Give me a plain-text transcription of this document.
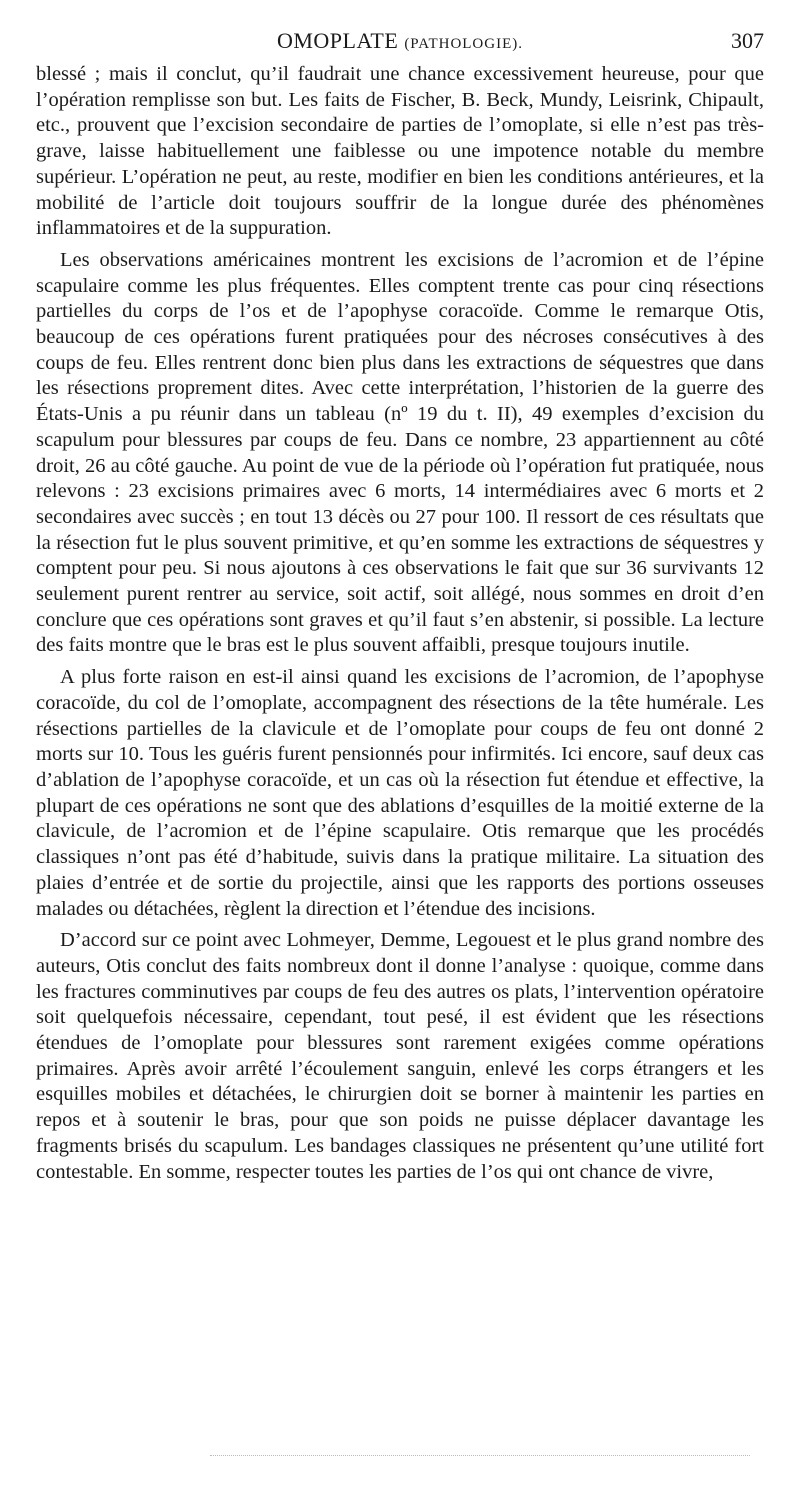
OMOPLATE (PATHOLOGIE).	307

blessé ; mais il conclut, qu’il faudrait une chance excessivement heureuse, pour que l’opération remplisse son but. Les faits de Fischer, B. Beck, Mundy, Leisrink, Chipault, etc., prouvent que l’excision secondaire de parties de l’omoplate, si elle n’est pas très-grave, laisse habituellement une faiblesse ou une impotence notable du membre supérieur. L’opération ne peut, au reste, modifier en bien les conditions antérieures, et la mobilité de l’article doit toujours souffrir de la longue durée des phénomènes inflammatoires et de la suppuration.

Les observations américaines montrent les excisions de l’acromion et de l’épine scapulaire comme les plus fréquentes. Elles comptent trente cas pour cinq résections partielles du corps de l’os et de l’apophyse coracoïde. Comme le remarque Otis, beaucoup de ces opérations furent pratiquées pour des nécroses consécutives à des coups de feu. Elles rentrent donc bien plus dans les extractions de séquestres que dans les résections proprement dites. Avec cette interprétation, l’historien de la guerre des États-Unis a pu réunir dans un tableau (nº 19 du t. II), 49 exemples d’excision du scapulum pour blessures par coups de feu. Dans ce nombre, 23 appartiennent au côté droit, 26 au côté gauche. Au point de vue de la période où l’opération fut pratiquée, nous relevons : 23 excisions primaires avec 6 morts, 14 intermédiaires avec 6 morts et 2 secondaires avec succès ; en tout 13 décès ou 27 pour 100. Il ressort de ces résultats que la résection fut le plus souvent primitive, et qu’en somme les extractions de séquestres y comptent pour peu. Si nous ajoutons à ces observations le fait que sur 36 survivants 12 seulement purent rentrer au service, soit actif, soit allégé, nous sommes en droit d’en conclure que ces opérations sont graves et qu’il faut s’en abstenir, si possible. La lecture des faits montre que le bras est le plus souvent affaibli, presque toujours inutile.

A plus forte raison en est-il ainsi quand les excisions de l’acromion, de l’apophyse coracoïde, du col de l’omoplate, accompagnent des résections de la tête humérale. Les résections partielles de la clavicule et de l’omoplate pour coups de feu ont donné 2 morts sur 10. Tous les guéris furent pensionnés pour infirmités. Ici encore, sauf deux cas d’ablation de l’apophyse coracoïde, et un cas où la résection fut étendue et effective, la plupart de ces opérations ne sont que des ablations d’esquilles de la moitié externe de la clavicule, de l’acromion et de l’épine scapulaire. Otis remarque que les procédés classiques n’ont pas été d’habitude, suivis dans la pratique militaire. La situation des plaies d’entrée et de sortie du projectile, ainsi que les rapports des portions osseuses malades ou détachées, règlent la direction et l’étendue des incisions.

D’accord sur ce point avec Lohmeyer, Demme, Legouest et le plus grand nombre des auteurs, Otis conclut des faits nombreux dont il donne l’analyse : quoique, comme dans les fractures comminutives par coups de feu des autres os plats, l’intervention opératoire soit quelquefois nécessaire, cependant, tout pesé, il est évident que les résections étendues de l’omoplate pour blessures sont rarement exigées comme opérations primaires. Après avoir arrêté l’écoulement sanguin, enlevé les corps étrangers et les esquilles mobiles et détachées, le chirurgien doit se borner à maintenir les parties en repos et à soutenir le bras, pour que son poids ne puisse déplacer davantage les fragments brisés du scapulum. Les bandages classiques ne présentent qu’une utilité fort contestable. En somme, respecter toutes les parties de l’os qui ont chance de vivre,
